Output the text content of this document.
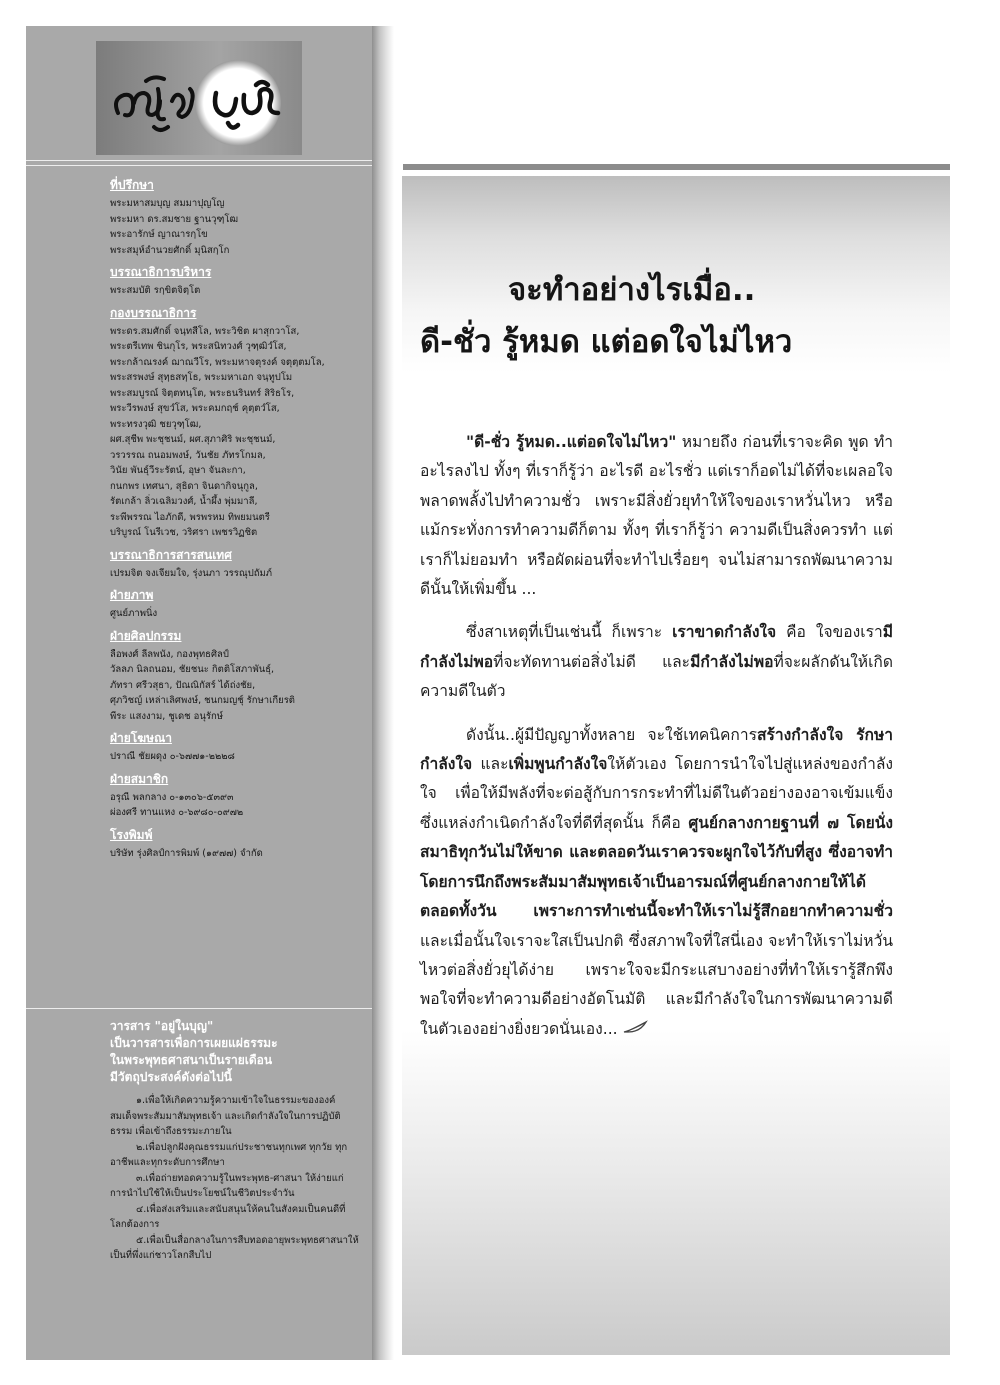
ที่ปรึกษา
พระมหาสมบุญ สมมาปุญโญ
พระมหา ดร.สมชาย ฐานวุฑฺโฒ
พระอารักษ์ ญาณารกฺโข
พระสมุห์อำนวยศักดิ์ มุนิสกฺโก
บรรณาธิการบริหาร
พระสมบัติ รกฺขิตจิตฺโต
กองบรรณาธิการ
พระดร.สมศักดิ์ จนฺทสีโล, พระวิชิต ผาสุกวาโส,
พระตรีเทพ ชินกุโร, พระสนิทวงศ์ วุฑฺฒิวํโส,
พระกล้าณรงค์ ฌาณวีโร, พระมหาจตุรงค์ จตุตฺตมโล,
พระสรพงษ์ สุทฺธสทฺโธ, พระมหาเอก จนฺทูปโม
พระสมบูรณ์ จิตฺตทนฺโต, พระธนรินทร์ สิริธโร,
พระวีรพงษ์ สุขวํโส, พระคมกฤช์ คุตฺตวํโส,
พระทรงวุฒิ ชยวุฑฺโฒ,
ผศ.สุชีพ พะชุชนม์, ผศ.สุภาศิริ พะชุชนม์,
วรวรรณ ถนอมพงษ์, วันชัย ภัทรโกมล,
วินัย พันธุ์วีระรัตน์, อุษา จันละกา,
กนกพร เทศนา, สุธิดา จินดากิจนุกูล,
รัตเกล้า ลิ่วเฉลิมวงศ์, น้ำผึ้ง พุ่มมาลี,
ระพีพรรณ ไอภักดี, พรพรหม ทิพยมนตรี
บริบูรณ์ โนรีเวช, วริศรา เพชรวิฏชิต
บรรณาธิการสารสนเทศ
เปรมจิต จงเจียมใจ, รุ่งนภา วรรณุปถัมภ์
ฝ่ายภาพ
ศูนย์ภาพนิ่ง
ฝ่ายศิลปกรรม
ลือพงศ์ ลีลพนัง, กองพุทธศิลป์
วัลลภ นิลถนอม, ชัยชนะ กิตติโสภาพันธุ์,
ภัทรา ศรีวสุธา, ปัณณิกัสร์ ได้ถ่งชัย,
ศุภวิชญ์ เหล่าเลิศพงษ์, ชนกมญชุ์ รักษาเกียรติ
พีระ แสงงาม, ชูเดช อนุรักษ์
ฝ่ายโฆษณา
ปราณี ชัยผดุง ๐-๖๗๗๑-๒๒๒๘
ฝ่ายสมาชิก
อรุณี พลกลาง ๐-๑๓๐๖-๕๓๙๓
ผ่องศรี ทานแหง ๐-๖๙๘๐-๐๙๗๒
โรงพิมพ์
บริษัท รุ่งศิลป์การพิมพ์ (๑๙๗๗) จำกัด
วารสาร "อยู่ในบุญ"
เป็นวารสารเพื่อการเผยแผ่ธรรมะ
ในพระพุทธศาสนาเป็นรายเดือน
มีวัตถุประสงค์ดังต่อไปนี้
๑.เพื่อให้เกิดความรู้ความเข้าใจในธรรมะขององค์สมเด็จพระสัมมาสัมพุทธเจ้า และเกิดกำลังใจในการปฏิบัติธรรม เพื่อเข้าถึงธรรมะภายใน
๒.เพื่อปลูกฝังคุณธรรมแก่ประชาชนทุกเพศ ทุกวัย ทุกอาชีพและทุกระดับการศึกษา
๓.เพื่อถ่ายทอดความรู้ในพระพุทธ-ศาสนา ให้ง่ายแก่การนำไปใช้ให้เป็นประโยชน์ในชีวิตประจำวัน
๔.เพื่อส่งเสริมและสนับสนุนให้คนในสังคมเป็นคนดีที่โลกต้องการ
๕.เพื่อเป็นสื่อกลางในการสืบทอดอายุพระพุทธศาสนาให้เป็นที่พึ่งแก่ชาวโลกสืบไป
จะทำอย่างไรเมื่อ..
ดี-ชั่ว รู้หมด แต่อดใจไม่ไหว

"ดี-ชั่ว รู้หมด..แต่อดใจไม่ไหว" หมายถึง ก่อนที่เราจะคิด พูด ทำอะไรลงไป ทั้งๆ ที่เราก็รู้ว่า อะไรดี อะไรชั่ว แต่เราก็อดไม่ได้ที่จะเผลอใจพลาดพลั้งไปทำความชั่ว เพราะมีสิ่งยั่วยุทำให้ใจของเราหวั่นไหว หรือแม้กระทั่งการทำความดีก็ตาม ทั้งๆ ที่เราก็รู้ว่า ความดีเป็นสิ่งควรทำ แต่เราก็ไม่ยอมทำ หรือผัดผ่อนที่จะทำไปเรื่อยๆ จนไม่สามารถพัฒนาความดีนั้นให้เพิ่มขึ้น ...

ซึ่งสาเหตุที่เป็นเช่นนี้ ก็เพราะ เราขาดกำลังใจ คือ ใจของเรามีกำลังไม่พอที่จะทัดทานต่อสิ่งไม่ดี และมีกำลังไม่พอที่จะผลักดันให้เกิดความดีในตัว

ดังนั้น..ผู้มีปัญญาทั้งหลาย จะใช้เทคนิคการสร้างกำลังใจ รักษากำลังใจ และเพิ่มพูนกำลังใจให้ตัวเอง โดยการนำใจไปสู่แหล่งของกำลังใจ เพื่อให้มีพลังที่จะต่อสู้กับการกระทำที่ไม่ดีในตัวอย่างองอาจเข้มแข็ง ซึ่งแหล่งกำเนิดกำลังใจที่ดีที่สุดนั้น ก็คือ ศูนย์กลางกายฐานที่ ๗ โดยนั่งสมาธิทุกวันไม่ให้ขาด และตลอดวันเราควรจะผูกใจไว้กับที่สูง ซึ่งอาจทำโดยการนึกถึงพระสัมมาสัมพุทธเจ้าเป็นอารมณ์ที่ศูนย์กลางกายให้ได้ตลอดทั้งวัน เพราะการทำเช่นนี้จะทำให้เราไม่รู้สึกอยากทำความชั่ว และเมื่อนั้นใจเราจะใสเป็นปกติ ซึ่งสภาพใจที่ใสนี่เอง จะทำให้เราไม่หวั่นไหวต่อสิ่งยั่วยุได้ง่าย เพราะใจจะมีกระแสบางอย่างที่ทำให้เรารู้สึกพึงพอใจที่จะทำความดีอย่างอัตโนมัติ และมีกำลังใจในการพัฒนาความดีในตัวเองอย่างยิ่งยวดนั่นเอง...
